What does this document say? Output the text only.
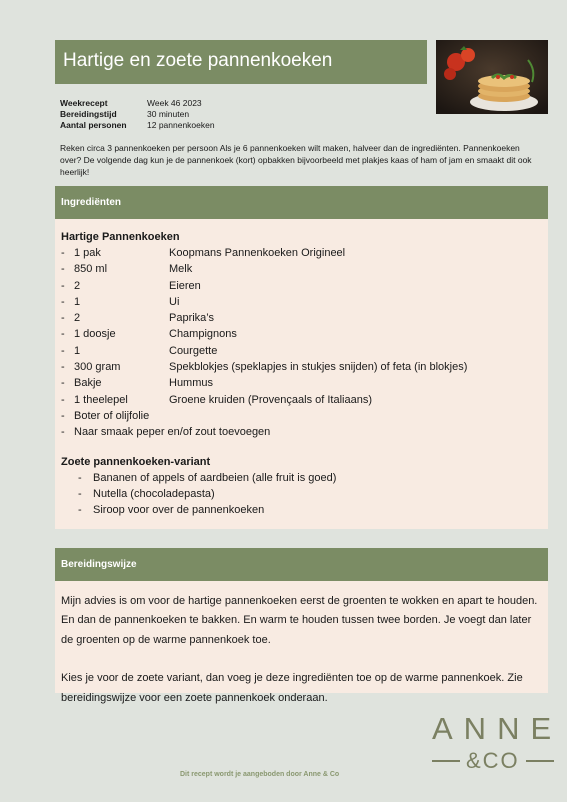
Hartige en zoete pannenkoeken
Weekrecept	Week 46 2023
Bereidingstijd	30 minuten
Aantal personen	12 pannenkoeken
Reken circa 3 pannenkoeken per persoon Als je 6 pannenkoeken wilt maken, halveer dan de ingrediënten. Pannenkoeken over? De volgende dag kun je de pannenkoek (kort) opbakken bijvoorbeeld met plakjes kaas of ham of jam en smaakt dit ook heerlijk!
Ingrediënten
Hartige Pannenkoeken
- 1 pak	Koopmans Pannenkoeken Origineel
- 850 ml	Melk
- 2	Eieren
- 1	Ui
- 2	Paprika’s
- 1 doosje	Champignons
- 1	Courgette
- 300 gram	Spekblokjes (speklapjes in stukjes snijden) of feta (in blokjes)
- Bakje	Hummus
- 1 theelepel	Groene kruiden (Provençaals of Italiaans)
- Boter of olijfolie
- Naar smaak peper en/of zout toevoegen
Zoete pannenkoeken-variant
-	Bananen of appels of aardbeien (alle fruit is goed)
-	Nutella (chocoladepasta)
-	Siroop voor over de pannenkoeken
Bereidingswijze

Mijn advies is om voor de hartige pannenkoeken eerst de groenten te wokken en apart te houden. En dan de pannenkoeken te bakken. En warm te houden tussen twee borden. Je voegt dan later de groenten op de warme pannenkoek toe.

Kies je voor de zoete variant, dan voeg je deze ingrediënten toe op de warme pannenkoek. Zie bereidingswijze voor een zoete pannenkoek onderaan.

Dit recept wordt je aangeboden door Anne & Co
ANNE
&CO
